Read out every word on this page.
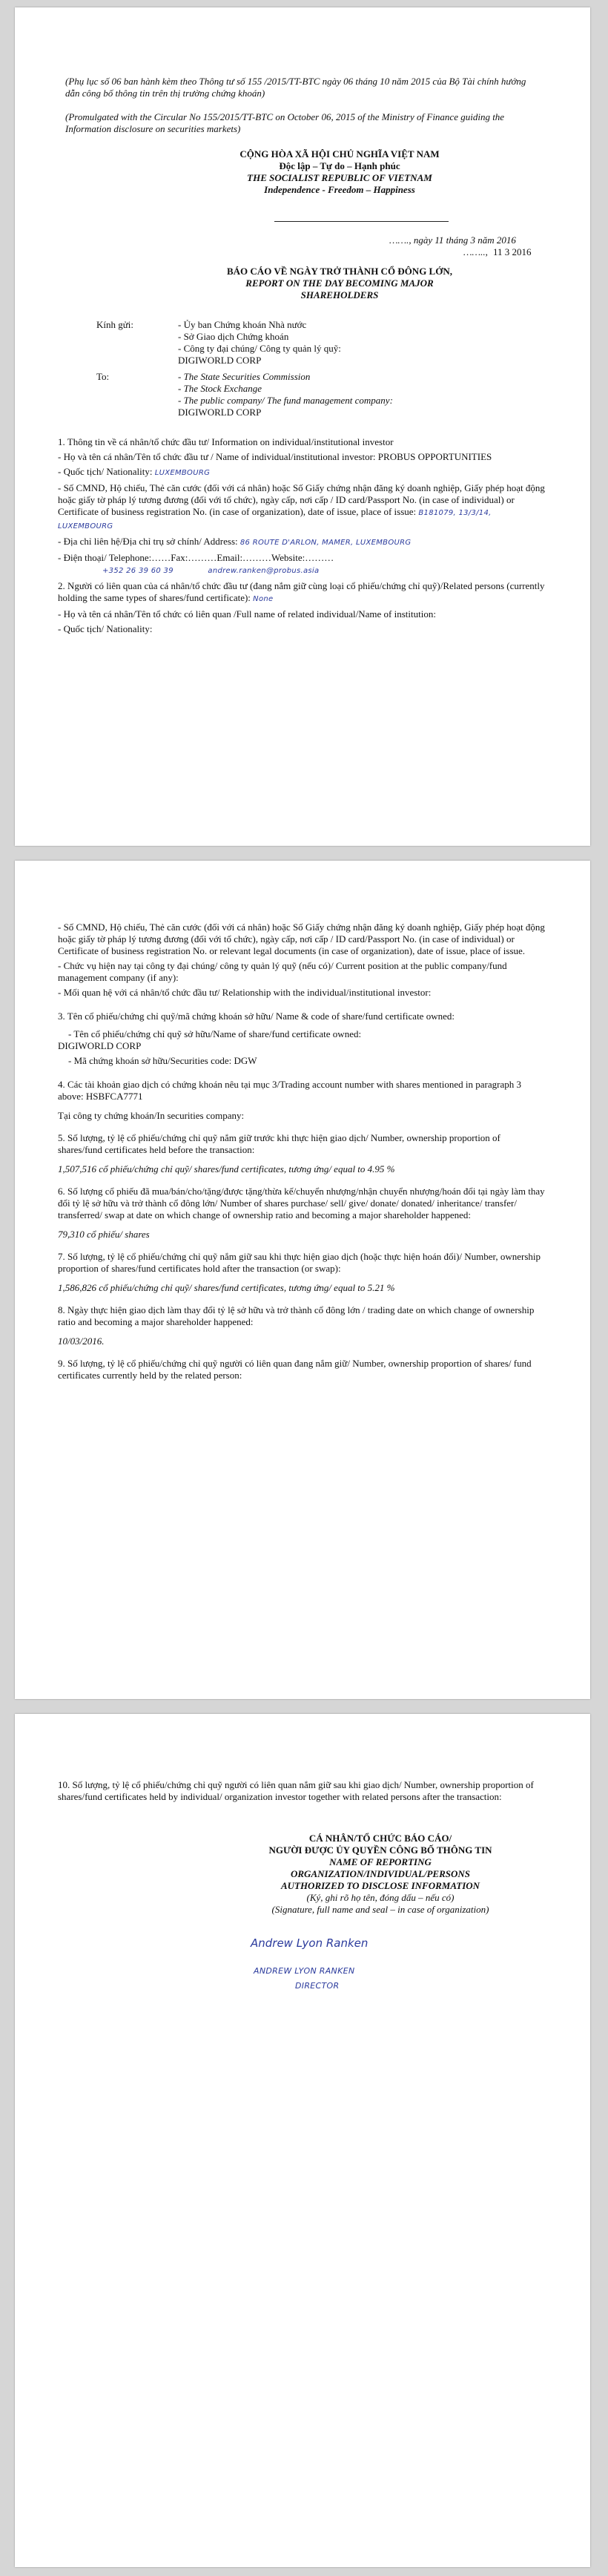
(Phụ lục số 06 ban hành kèm theo Thông tư số 155 /2015/TT-BTC ngày 06 tháng 10 năm 2015 của Bộ Tài chính hướng dẫn công bố thông tin trên thị trường chứng khoán)
(Promulgated with the Circular No 155/2015/TT-BTC on October 06, 2015 of the Ministry of Finance guiding the Information disclosure on securities markets)
CỘNG HÒA XÃ HỘI CHỦ NGHĨA VIỆT NAM
Độc lập – Tự do – Hạnh phúc
THE SOCIALIST REPUBLIC OF VIETNAM
Independence - Freedom – Happiness
……., ngày 11 tháng 3 năm 2016
…….., 11 3 2016
BÁO CÁO VỀ NGÀY TRỞ THÀNH CỔ ĐÔNG LỚN,
REPORT ON THE DAY BECOMING MAJOR
SHAREHOLDERS
Kính gửi:	- Ủy ban Chứng khoán Nhà nước
- Sở Giao dịch Chứng khoán
- Công ty đại chúng/ Công ty quản lý quỹ:
DIGIWORLD CORP
To:	- The State Securities Commission
- The Stock Exchange
- The public company/ The fund management company:
DIGIWORLD CORP

1. Thông tin về cá nhân/tổ chức đầu tư/ Information on individual/institutional investor

- Họ và tên cá nhân/Tên tổ chức đầu tư / Name of individual/institutional investor: PROBUS OPPORTUNITIES

- Quốc tịch/ Nationality: LUXEMBOURG

- Số CMND, Hộ chiếu, Thẻ căn cước (đối với cá nhân) hoặc Số Giấy chứng nhận đăng ký doanh nghiệp, Giấy phép hoạt động hoặc giấy tờ pháp lý tương đương (đối với tổ chức), ngày cấp, nơi cấp / ID card/Passport No. (in case of individual) or Certificate of business registration No. (in case of organization), date of issue, place of issue: B181079, 13/3/14, LUXEMBOURG

- Địa chỉ liên hệ/Địa chỉ trụ sở chính/ Address: 86 ROUTE D'ARLON, MAMER, LUXEMBOURG

- Điện thoại/ Telephone:……Fax:………Email:………Website:………

+352 26 39 60 39	andrew.ranken@probus.asia

2. Người có liên quan của cá nhân/tổ chức đầu tư (đang nắm giữ cùng loại cổ phiếu/chứng chỉ quỹ)/Related persons (currently holding the same types of shares/fund certificate): None

- Họ và tên cá nhân/Tên tổ chức có liên quan /Full name of related individual/Name of institution:

- Quốc tịch/ Nationality:

- Số CMND, Hộ chiếu, Thẻ căn cước (đối với cá nhân) hoặc Số Giấy chứng nhận đăng ký doanh nghiệp, Giấy phép hoạt động hoặc giấy tờ pháp lý tương đương (đối với tổ chức), ngày cấp, nơi cấp / ID card/Passport No. (in case of individual) or Certificate of business registration No. or relevant legal documents (in case of organization), date of issue, place of issue.

- Chức vụ hiện nay tại công ty đại chúng/ công ty quản lý quỹ (nếu có)/ Current position at the public company/fund management company (if any):

- Mối quan hệ với cá nhân/tổ chức đầu tư/ Relationship with the individual/institutional investor:

3. Tên cổ phiếu/chứng chỉ quỹ/mã chứng khoán sở hữu/ Name & code of share/fund certificate owned:

- Tên cổ phiếu/chứng chỉ quỹ sở hữu/Name of share/fund certificate owned:

DIGIWORLD CORP

- Mã chứng khoán sở hữu/Securities code: DGW

4. Các tài khoản giao dịch có chứng khoán nêu tại mục 3/Trading account number with shares mentioned in paragraph 3 above: HSBFCA7771

Tại công ty chứng khoán/In securities company:

5. Số lượng, tỷ lệ cổ phiếu/chứng chỉ quỹ nắm giữ trước khi thực hiện giao dịch/ Number, ownership proportion of shares/fund certificates held before the transaction:

1,507,516 cổ phiếu/chứng chỉ quỹ/ shares/fund certificates, tương ứng/ equal to 4.95 %

6. Số lượng cổ phiếu đã mua/bán/cho/tặng/được tặng/thừa kế/chuyển nhượng/nhận chuyển nhượng/hoán đổi tại ngày làm thay đổi tỷ lệ sở hữu và trở thành cổ đông lớn/ Number of shares purchase/ sell/ give/ donate/ donated/ inheritance/ transfer/ transferred/ swap at date on which change of ownership ratio and becoming a major shareholder happened:

79,310 cổ phiếu/ shares

7. Số lượng, tỷ lệ cổ phiếu/chứng chỉ quỹ nắm giữ sau khi thực hiện giao dịch (hoặc thực hiện hoán đổi)/ Number, ownership proportion of shares/fund certificates hold after the transaction (or swap):

1,586,826 cổ phiếu/chứng chỉ quỹ/ shares/fund certificates, tương ứng/ equal to 5.21 %

8. Ngày thực hiện giao dịch làm thay đổi tỷ lệ sở hữu và trở thành cổ đông lớn / trading date on which change of ownership ratio and becoming a major shareholder happened:

10/03/2016.

9. Số lượng, tỷ lệ cổ phiếu/chứng chỉ quỹ người có liên quan đang nắm giữ/ Number, ownership proportion of shares/ fund certificates currently held by the related person:

10. Số lượng, tỷ lệ cổ phiếu/chứng chỉ quỹ người có liên quan nắm giữ sau khi giao dịch/ Number, ownership proportion of shares/fund certificates held by individual/ organization investor together with related persons after the transaction:
CÁ NHÂN/TỔ CHỨC BÁO CÁO/
NGƯỜI ĐƯỢC ỦY QUYỀN CÔNG BỐ THÔNG TIN
NAME OF REPORTING
ORGANIZATION/INDIVIDUAL/PERSONS
AUTHORIZED TO DISCLOSE INFORMATION
(Ký, ghi rõ họ tên, đóng dấu – nếu có)
(Signature, full name and seal – in case of organization)
Andrew Lyon Ranken
ANDREW LYON RANKEN
DIRECTOR
